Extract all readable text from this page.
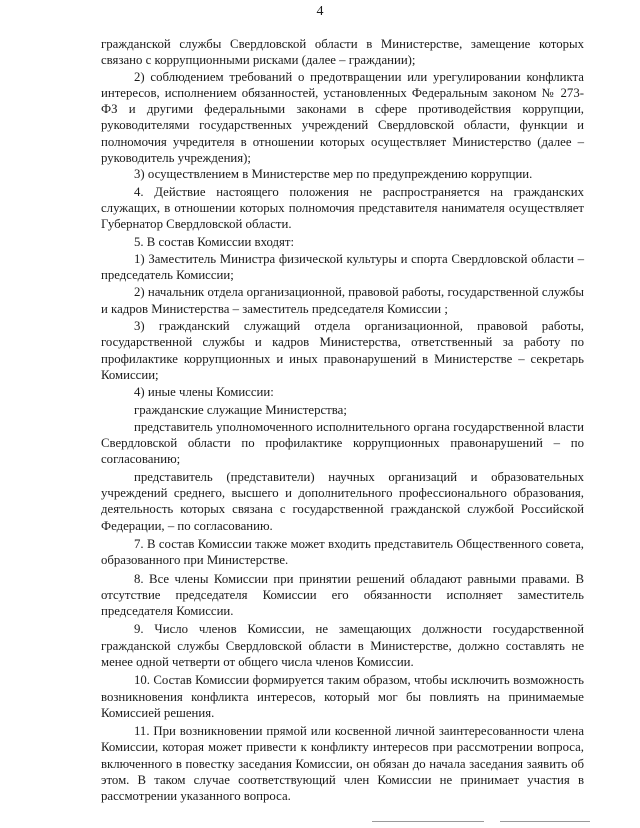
4

гражданской службы Свердловской области в Министерстве, замещение которых связано с коррупционными рисками (далее – граждании);

2) соблюдением требований о предотвращении или урегулировании конфликта интересов, исполнением обязанностей, установленных Федеральным законом № 273-ФЗ и другими федеральными законами в сфере противодействия коррупции, руководителями государственных учреждений Свердловской области, функции и полномочия учредителя в отношении которых осуществляет Министерство (далее – руководитель учреждения);

3) осуществлением в Министерстве мер по предупреждению коррупции.

4. Действие настоящего положения не распространяется на гражданских служащих, в отношении которых полномочия представителя нанимателя осуществляет Губернатор Свердловской области.

5. В состав Комиссии входят:

1) Заместитель Министра физической культуры и спорта Свердловской области – председатель Комиссии;

2) начальник отдела организационной, правовой работы, государственной службы и кадров Министерства – заместитель председателя Комиссии ;

3) гражданский служащий отдела организационной, правовой работы, государственной службы и кадров Министерства, ответственный за работу по профилактике коррупционных и иных правонарушений в Министерстве – секретарь Комиссии;

4) иные члены Комиссии:

гражданские служащие Министерства;

представитель уполномоченного исполнительного органа государственной власти Свердловской области по профилактике коррупционных правонарушений – по согласованию;

представитель (представители) научных организаций и образовательных учреждений среднего, высшего и дополнительного профессионального образования, деятельность которых связана с государственной гражданской службой Российской Федерации, – по согласованию.

7. В состав Комиссии также может входить представитель Общественного совета, образованного при Министерстве.

8. Все члены Комиссии при принятии решений обладают равными правами. В отсутствие председателя Комиссии его обязанности исполняет заместитель председателя Комиссии.

9. Число членов Комиссии, не замещающих должности государственной гражданской службы Свердловской области в Министерстве, должно составлять не менее одной четверти от общего числа членов Комиссии.

10. Состав Комиссии формируется таким образом, чтобы исключить возможность возникновения конфликта интересов, который мог бы повлиять на принимаемые Комиссией решения.

11. При возникновении прямой или косвенной личной заинтересованности члена Комиссии, которая может привести к конфликту интересов при рассмотрении вопроса, включенного в повестку заседания Комиссии, он обязан до начала заседания заявить об этом. В таком случае соответствующий член Комиссии не принимает участия в рассмотрении указанного вопроса.
